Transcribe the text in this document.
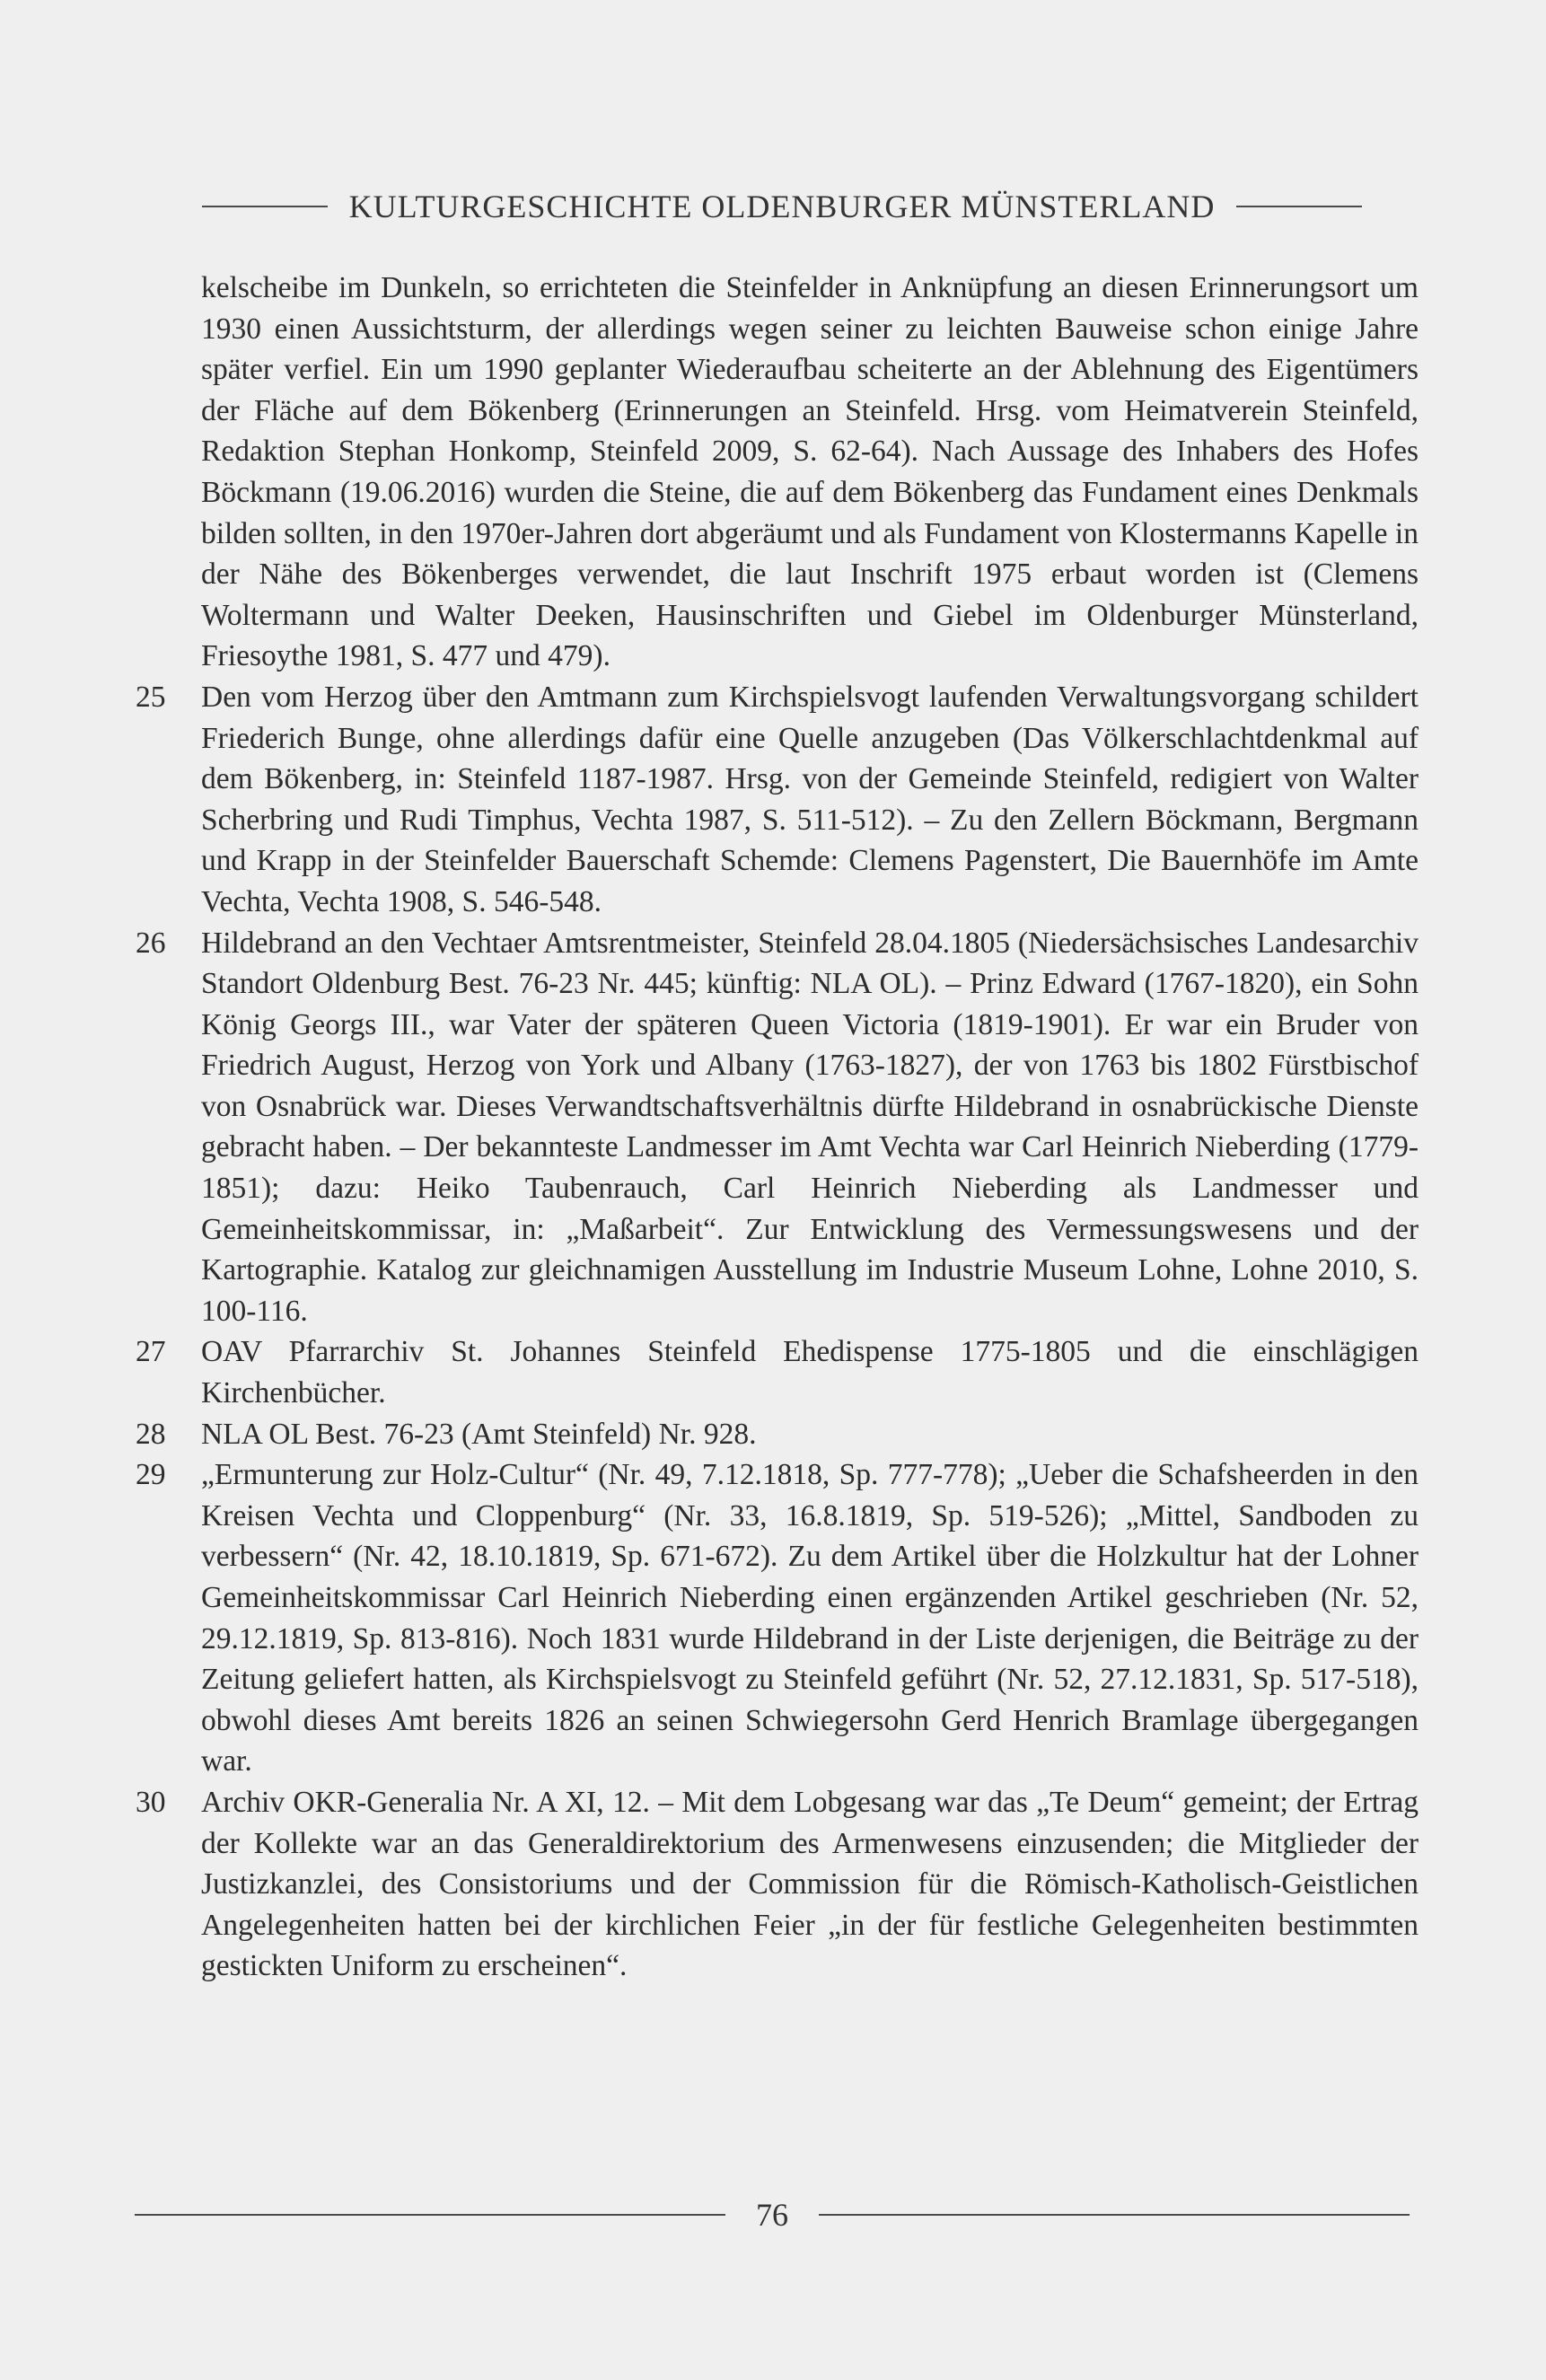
KULTURGESCHICHTE OLDENBURGER MÜNSTERLAND

kelscheibe im Dunkeln, so errichteten die Steinfelder in Anknüpfung an diesen Erinnerungsort um 1930 einen Aussichtsturm, der allerdings wegen seiner zu leichten Bauweise schon einige Jahre später verfiel. Ein um 1990 geplanter Wiederaufbau scheiterte an der Ablehnung des Eigentümers der Fläche auf dem Bökenberg (Erinnerungen an Steinfeld. Hrsg. vom Heimatverein Steinfeld, Redaktion Stephan Honkomp, Steinfeld 2009, S. 62-64). Nach Aussage des Inhabers des Hofes Böckmann (19.06.2016) wurden die Steine, die auf dem Bökenberg das Fundament eines Denkmals bilden sollten, in den 1970er-Jahren dort abgeräumt und als Fundament von Klostermanns Kapelle in der Nähe des Bökenberges verwendet, die laut Inschrift 1975 erbaut worden ist (Clemens Woltermann und Walter Deeken, Hausinschriften und Giebel im Oldenburger Münsterland, Friesoythe 1981, S. 477 und 479).

25 Den vom Herzog über den Amtmann zum Kirchspielsvogt laufenden Verwaltungsvorgang schildert Friederich Bunge, ohne allerdings dafür eine Quelle anzugeben (Das Völkerschlachtdenkmal auf dem Bökenberg, in: Steinfeld 1187-1987. Hrsg. von der Gemeinde Steinfeld, redigiert von Walter Scherbring und Rudi Timphus, Vechta 1987, S. 511-512). – Zu den Zellern Böckmann, Bergmann und Krapp in der Steinfelder Bauerschaft Schemde: Clemens Pagenstert, Die Bauernhöfe im Amte Vechta, Vechta 1908, S. 546-548.
26 Hildebrand an den Vechtaer Amtsrentmeister, Steinfeld 28.04.1805 (Niedersächsisches Landesarchiv Standort Oldenburg Best. 76-23 Nr. 445; künftig: NLA OL). – Prinz Edward (1767-1820), ein Sohn König Georgs III., war Vater der späteren Queen Victoria (1819-1901). Er war ein Bruder von Friedrich August, Herzog von York und Albany (1763-1827), der von 1763 bis 1802 Fürstbischof von Osnabrück war. Dieses Verwandtschaftsverhältnis dürfte Hildebrand in osnabrückische Dienste gebracht haben. – Der bekannteste Landmesser im Amt Vechta war Carl Heinrich Nieberding (1779-1851); dazu: Heiko Taubenrauch, Carl Heinrich Nieberding als Landmesser und Gemeinheitskommissar, in: „Maßarbeit“. Zur Entwicklung des Vermessungswesens und der Kartographie. Katalog zur gleichnamigen Ausstellung im Industrie Museum Lohne, Lohne 2010, S. 100-116.
27 OAV Pfarrarchiv St. Johannes Steinfeld Ehedispense 1775-1805 und die einschlägigen Kirchenbücher.
28 NLA OL Best. 76-23 (Amt Steinfeld) Nr. 928.
29 „Ermunterung zur Holz-Cultur“ (Nr. 49, 7.12.1818, Sp. 777-778); „Ueber die Schafsheerden in den Kreisen Vechta und Cloppenburg“ (Nr. 33, 16.8.1819, Sp. 519-526); „Mittel, Sandboden zu verbessern“ (Nr. 42, 18.10.1819, Sp. 671-672). Zu dem Artikel über die Holzkultur hat der Lohner Gemeinheitskommissar Carl Heinrich Nieberding einen ergänzenden Artikel geschrieben (Nr. 52, 29.12.1819, Sp. 813-816). Noch 1831 wurde Hildebrand in der Liste derjenigen, die Beiträge zu der Zeitung geliefert hatten, als Kirchspielsvogt zu Steinfeld geführt (Nr. 52, 27.12.1831, Sp. 517-518), obwohl dieses Amt bereits 1826 an seinen Schwiegersohn Gerd Henrich Bramlage übergegangen war.
30 Archiv OKR-Generalia Nr. A XI, 12. – Mit dem Lobgesang war das „Te Deum“ gemeint; der Ertrag der Kollekte war an das Generaldirektorium des Armenwesens einzusenden; die Mitglieder der Justizkanzlei, des Consistoriums und der Commission für die Römisch-Katholisch-Geistlichen Angelegenheiten hatten bei der kirchlichen Feier „in der für festliche Gelegenheiten bestimmten gestickten Uniform zu erscheinen“.
76
